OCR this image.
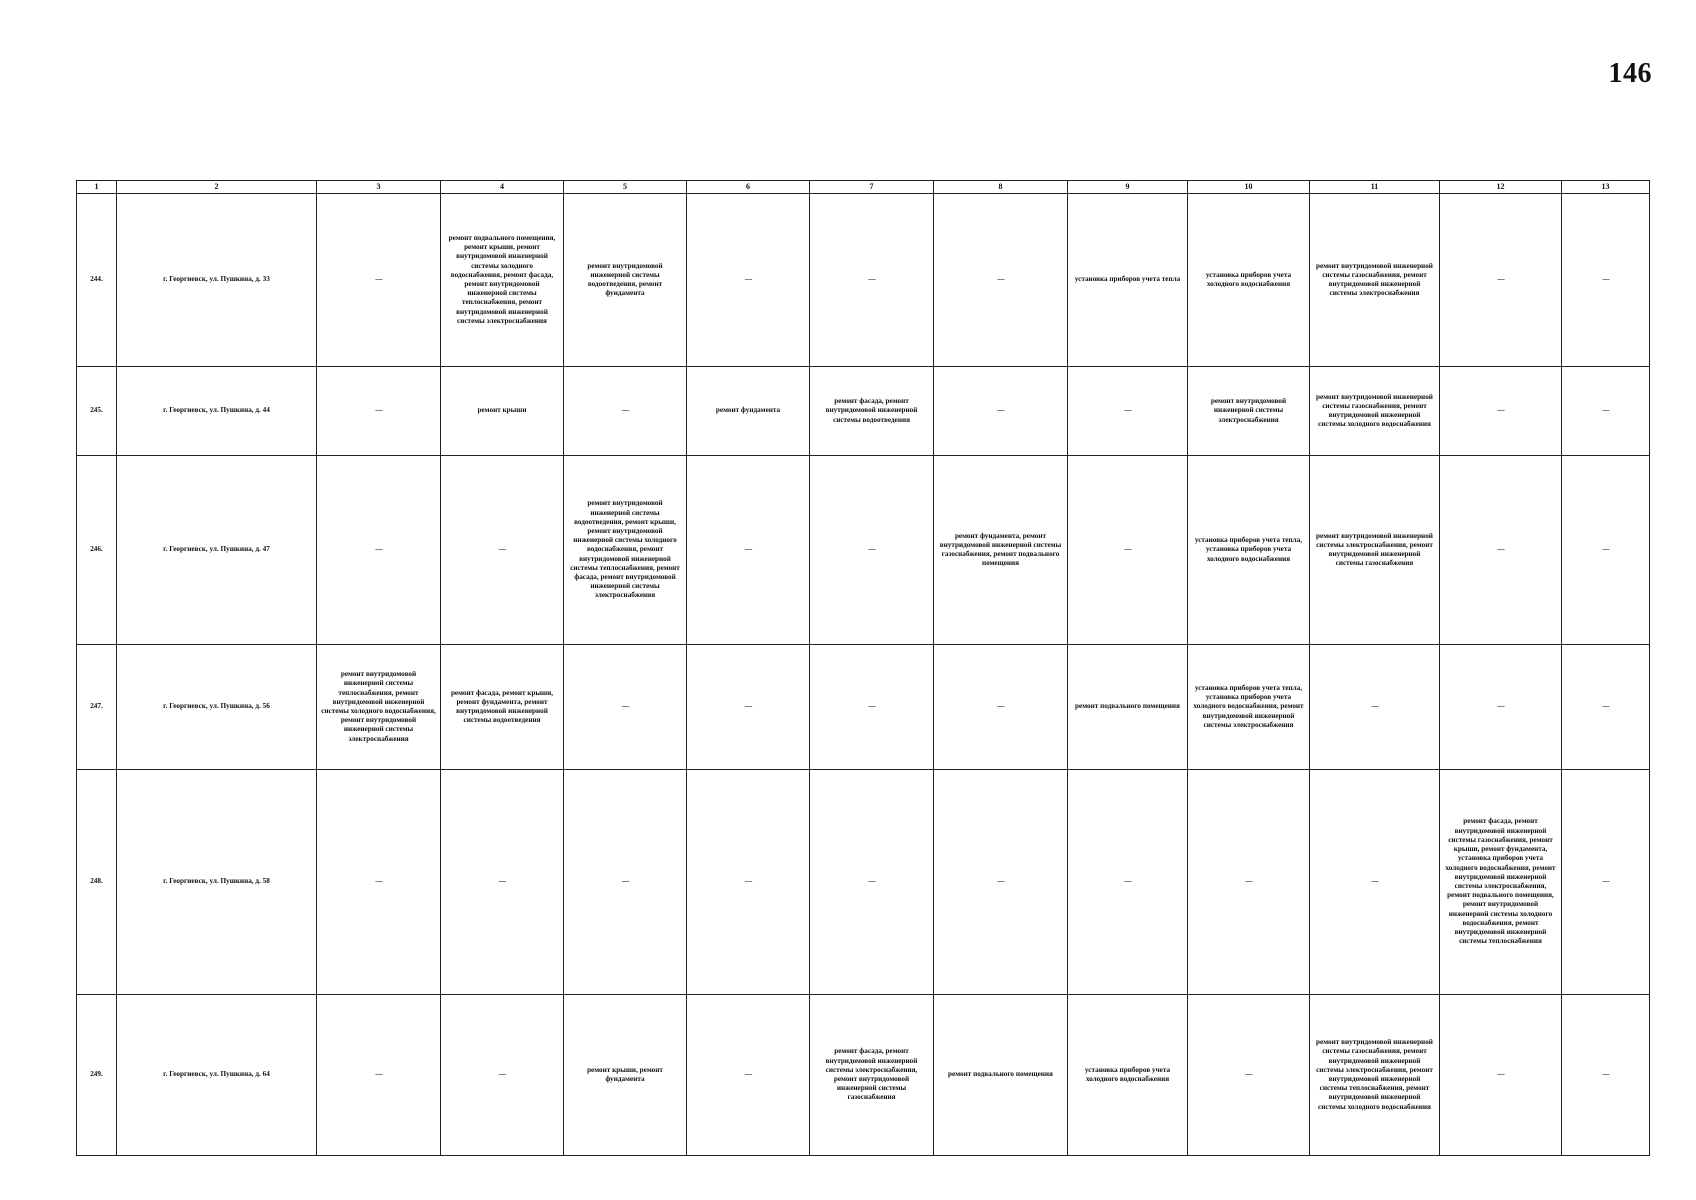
146
1	2	3	4	5	6	7	8	9	10	11	12	13
244.	г. Георгиевск, ул. Пушкина, д. 33	—	ремонт подвального помещения, ремонт крыши, ремонт внутридомовой инженерной системы холодного водоснабжения, ремонт фасада, ремонт внутридомовой инженерной системы теплоснабжения, ремонт внутридомовой инженерной системы электроснабжения	ремонт внутридомовой инженерной системы водоотведения, ремонт фундамента	—	—	—	установка приборов учета тепла	установка приборов учета холодного водоснабжения	ремонт внутридомовой инженерной системы газоснабжения, ремонт внутридомовой инженерной системы электроснабжения	—	—
245.	г. Георгиевск, ул. Пушкина, д. 44	—	ремонт крыши	—	ремонт фундамента	ремонт фасада, ремонт внутридомовой инженерной системы водоотведения	—	—	ремонт внутридомовой инженерной системы электроснабжения	ремонт внутридомовой инженерной системы газоснабжения, ремонт внутридомовой инженерной системы холодного водоснабжения	—	—
246.	г. Георгиевск, ул. Пушкина, д. 47	—	—	ремонт внутридомовой инженерной системы водоотведения, ремонт крыши, ремонт внутридомовой инженерной системы холодного водоснабжения, ремонт внутридомовой инженерной системы теплоснабжения, ремонт фасада, ремонт внутридомовой инженерной системы электроснабжения	—	—	ремонт фундамента, ремонт внутридомовой инженерной системы газоснабжения, ремонт подвального помещения	—	установка приборов учета тепла, установка приборов учета холодного водоснабжения	ремонт внутридомовой инженерной системы электроснабжения, ремонт внутридомовой инженерной системы газоснабжения	—	—
247.	г. Георгиевск, ул. Пушкина, д. 56	ремонт внутридомовой инженерной системы теплоснабжения, ремонт внутридомовой инженерной системы холодного водоснабжения, ремонт внутридомовой инженерной системы электроснабжения	ремонт фасада, ремонт крыши, ремонт фундамента, ремонт внутридомовой инженерной системы водоотведения	—	—	—	—	ремонт подвального помещения	установка приборов учета тепла, установка приборов учета холодного водоснабжения, ремонт внутридомовой инженерной системы электроснабжения	—	—	—
248.	г. Георгиевск, ул. Пушкина, д. 58	—	—	—	—	—	—	—	—	—	ремонт фасада, ремонт внутридомовой инженерной системы газоснабжения, ремонт крыши, ремонт фундамента, установка приборов учета холодного водоснабжения, ремонт внутридомовой инженерной системы электроснабжения, ремонт подвального помещения, ремонт внутридомовой инженерной системы холодного водоснабжения, ремонт внутридомовой инженерной системы теплоснабжения	—
249.	г. Георгиевск, ул. Пушкина, д. 64	—	—	ремонт крыши, ремонт фундамента	—	ремонт фасада, ремонт внутридомовой инженерной системы электроснабжения, ремонт внутридомовой инженерной системы газоснабжения	ремонт подвального помещения	установка приборов учета холодного водоснабжения	—	ремонт внутридомовой инженерной системы газоснабжения, ремонт внутридомовой инженерной системы электроснабжения, ремонт внутридомовой инженерной системы теплоснабжения, ремонт внутридомовой инженерной системы холодного водоснабжения	—	—
